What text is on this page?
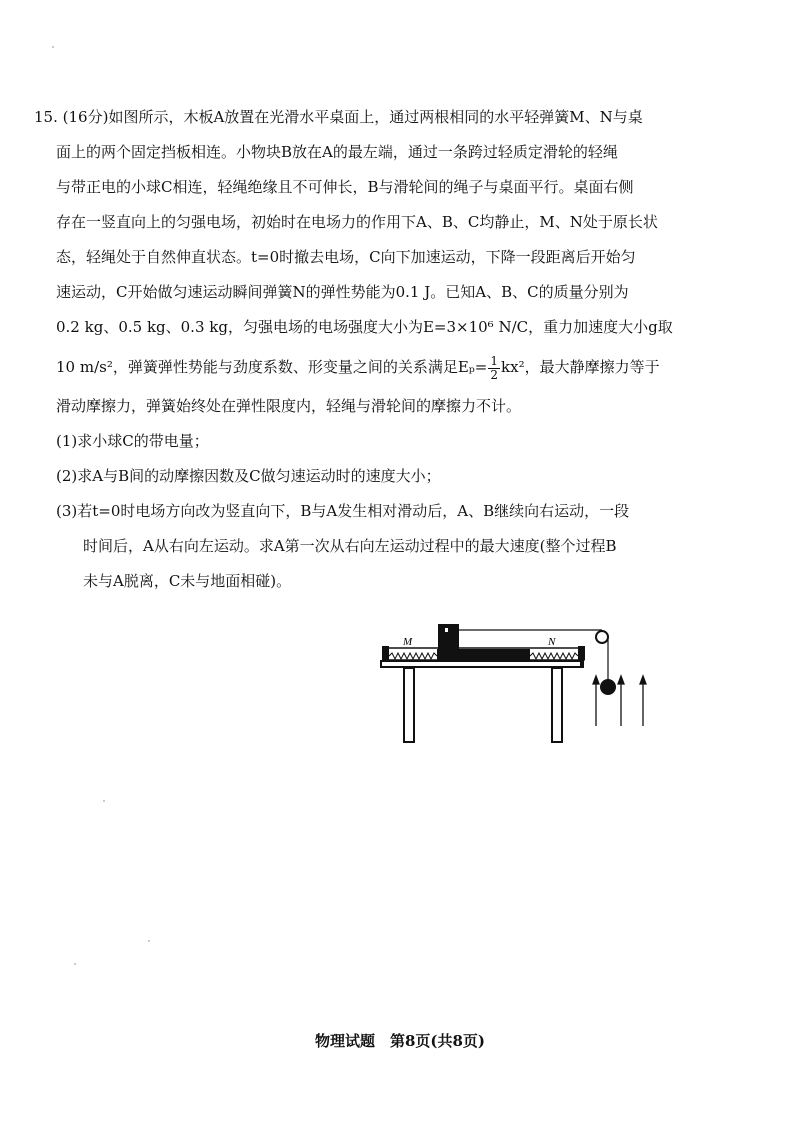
15. (16分)如图所示，木板A放置在光滑水平桌面上，通过两根相同的水平轻弹簧M、N与桌

面上的两个固定挡板相连。小物块B放在A的最左端，通过一条跨过轻质定滑轮的轻绳

与带正电的小球C相连，轻绳绝缘且不可伸长，B与滑轮间的绳子与桌面平行。桌面右侧

存在一竖直向上的匀强电场，初始时在电场力的作用下A、B、C均静止，M、N处于原长状

态，轻绳处于自然伸直状态。t=0时撤去电场，C向下加速运动，下降一段距离后开始匀

速运动，C开始做匀速运动瞬间弹簧N的弹性势能为0.1 J。已知A、B、C的质量分别为

0.2 kg、0.5 kg、0.3 kg，匀强电场的电场强度大小为E=3×10⁶ N/C，重力加速度大小g取

10 m/s²，弹簧弹性势能与劲度系数、形变量之间的关系满足$E_p= \frac{1}{2} kx^2$，最大静摩擦力等于

滑动摩擦力，弹簧始终处在弹性限度内，轻绳与滑轮间的摩擦力不计。

(1)求小球C的带电量；

(2)求A与B间的动摩擦因数及C做匀速运动时的速度大小；

(3)若t=0时电场方向改为竖直向下，B与A发生相对滑动后，A、B继续向右运动，一段

时间后，A从右向左运动。求A第一次从右向左运动过程中的最大速度(整个过程B

未与A脱离，C未与地面相碰)。

M	N
物理试题　第8页(共8页)
